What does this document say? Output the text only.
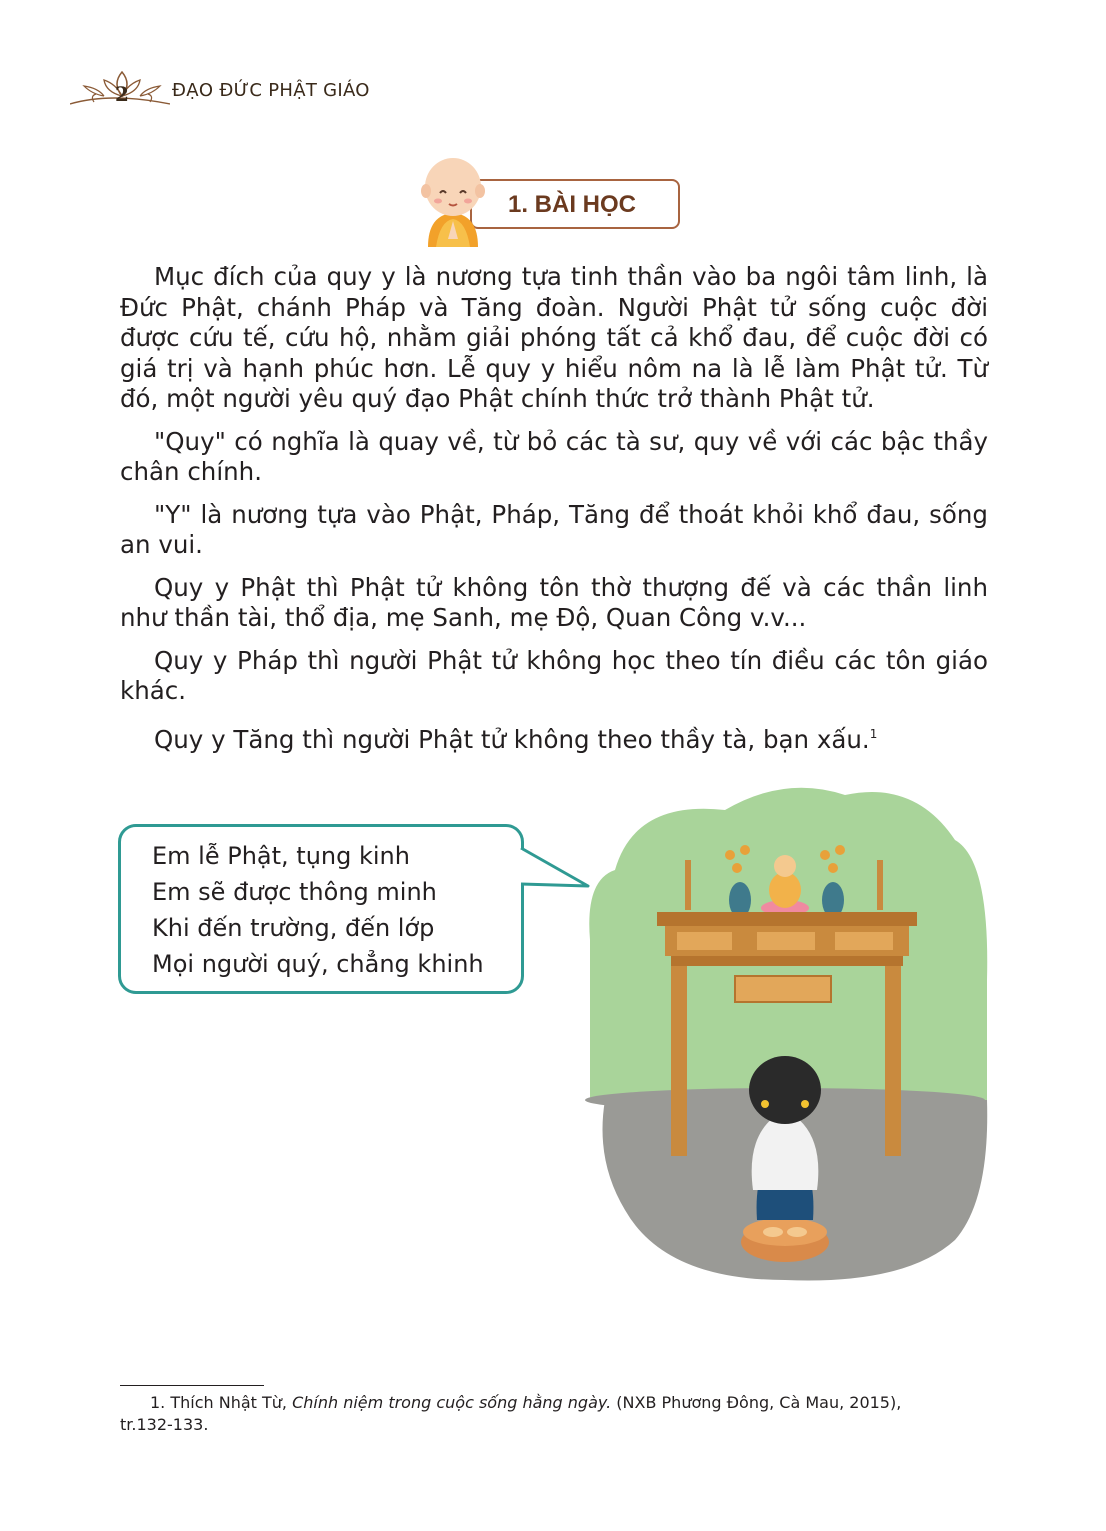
2 ĐẠO ĐỨC PHẬT GIÁO
1. BÀI HỌC

Mục đích của quy y là nương tựa tinh thần vào ba ngôi tâm linh, là Đức Phật, chánh Pháp và Tăng đoàn. Người Phật tử sống cuộc đời được cứu tế, cứu hộ, nhằm giải phóng tất cả khổ đau, để cuộc đời có giá trị và hạnh phúc hơn. Lễ quy y hiểu nôm na là lễ làm Phật tử. Từ đó, một người yêu quý đạo Phật chính thức trở thành Phật tử.

"Quy" có nghĩa là quay về, từ bỏ các tà sư, quy về với các bậc thầy chân chính.

"Y" là nương tựa vào Phật, Pháp, Tăng để thoát khỏi khổ đau, sống an vui.

Quy y Phật thì Phật tử không tôn thờ thượng đế và các thần linh như thần tài, thổ địa, mẹ Sanh, mẹ Độ, Quan Công v.v...

Quy y Pháp thì người Phật tử không học theo tín điều các tôn giáo khác.

Quy y Tăng thì người Phật tử không theo thầy tà, bạn xấu.$^1$

Em lễ Phật, tụng kinh
Em sẽ được thông minh
Khi đến trường, đến lớp
Mọi người quý, chẳng khinh
1. Thích Nhật Từ, Chính niệm trong cuộc sống hằng ngày. (NXB Phương Đông, Cà Mau, 2015),
tr.132-133.
